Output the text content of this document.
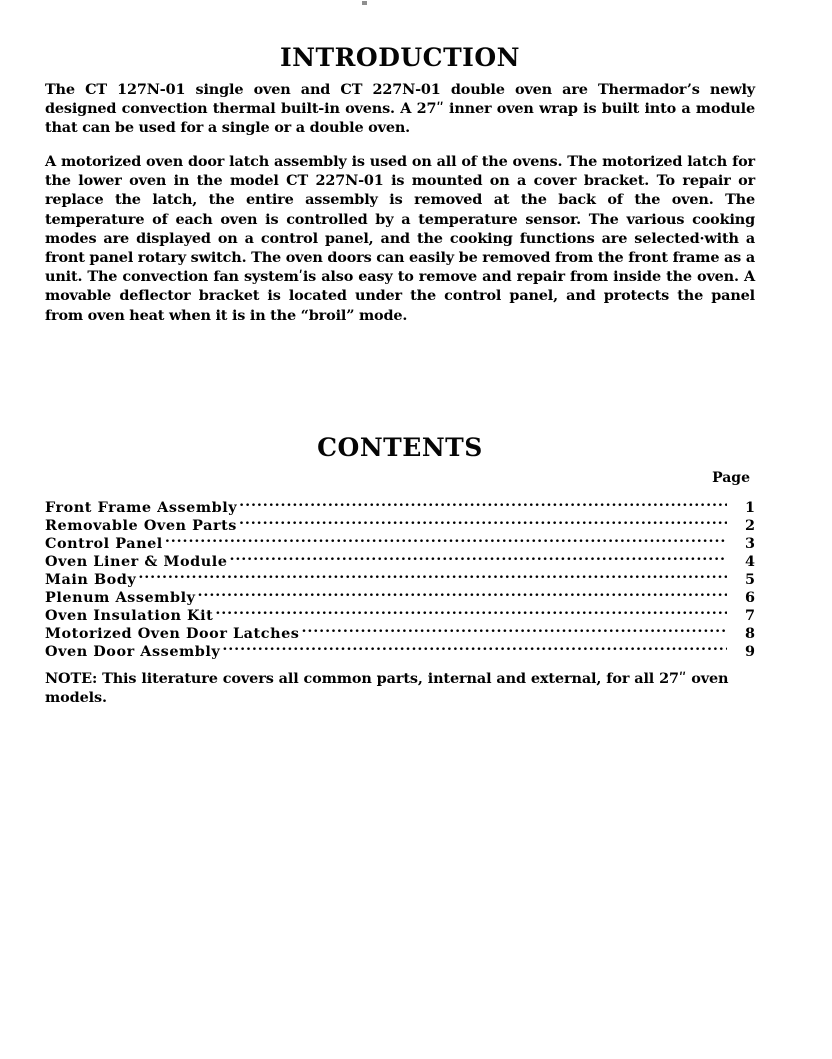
INTRODUCTION

The CT 127N-01 single oven and CT 227N-01 double oven are Thermador’s newly designed convection thermal built-in ovens. A 27ʺ inner oven wrap is built into a module that can be used for a single or a double oven.

A motorized oven door latch assembly is used on all of the ovens. The motorized latch for the lower oven in the model CT 227N-01 is mounted on a cover bracket. To repair or replace the latch, the entire assembly is removed at the back of the oven. The temperature of each oven is controlled by a temperature sensor. The various cooking modes are displayed on a control panel, and the cooking functions are selected·with a front panel rotary switch. The oven doors can easily be removed from the front frame as a unit. The convection fan systemʹis also easy to remove and repair from inside the oven. A movable deflector bracket is located under the control panel, and protects the panel from oven heat when it is in the “broil” mode.

CONTENTS
Page
Front Frame Assembly .....	1
Removable Oven Parts .....	2
Control Panel .....	3
Oven Liner & Module .....	4
Main Body .....	5
Plenum Assembly .....	6
Oven Insulation Kit .....	7
Motorized Oven Door Latches .....	8
Oven Door Assembly .....	9
NOTE: This literature covers all common parts, internal and external, for all 27ʺ oven models.
